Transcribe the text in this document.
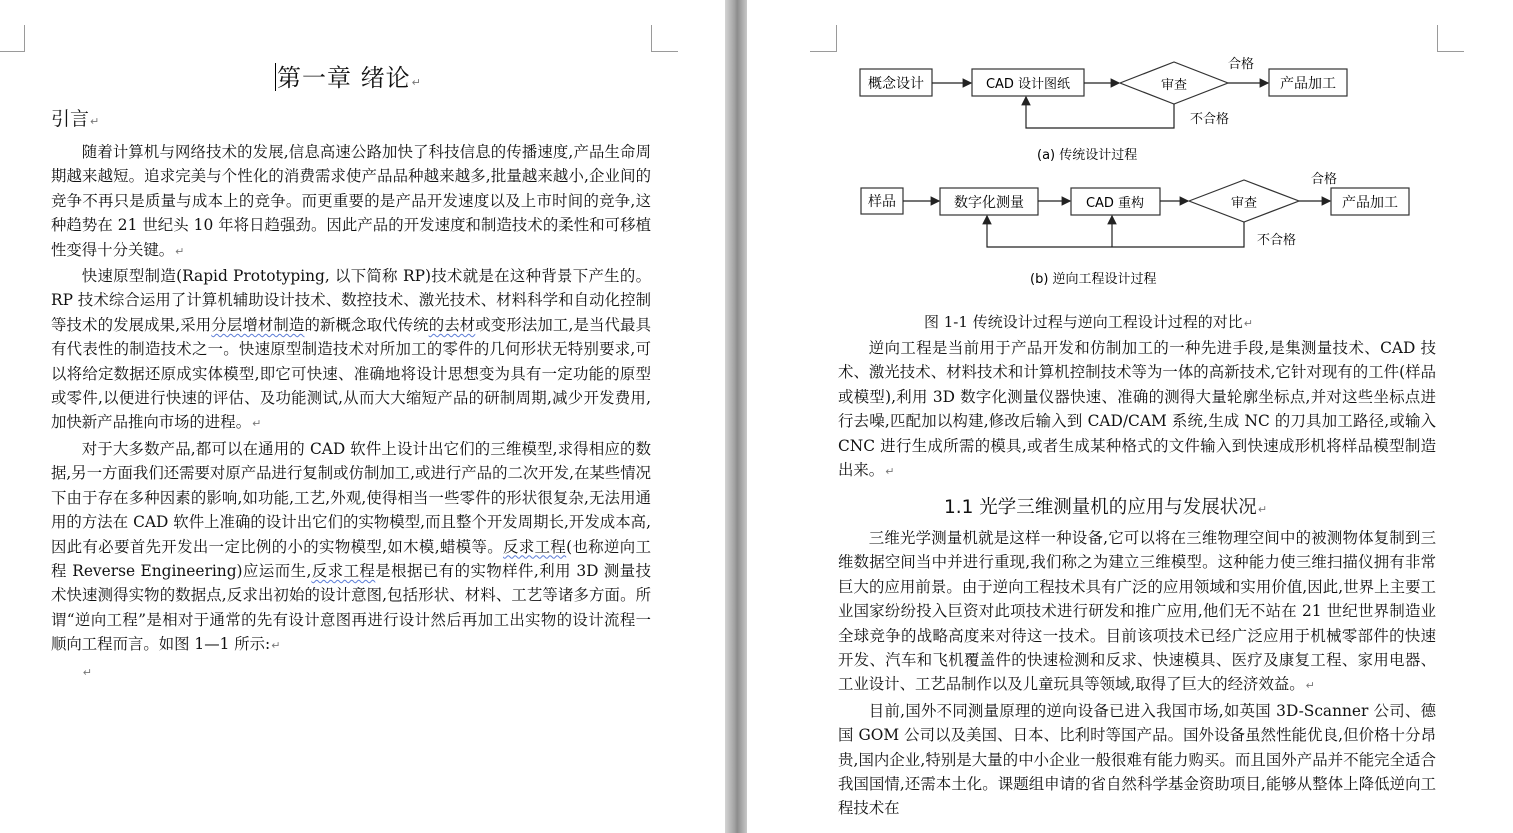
第一章 绪论↵
引言↵

随着计算机与网络技术的发展,信息高速公路加快了科技信息的传播速度,产品生命周期越来越短。追求完美与个性化的消费需求使产品品种越来越多,批量越来越小,企业间的竞争不再只是质量与成本上的竞争。而更重要的是产品开发速度以及上市时间的竞争,这种趋势在 21 世纪头 10 年将日趋强劲。因此产品的开发速度和制造技术的柔性和可移植性变得十分关键。↵

快速原型制造(Rapid Prototyping, 以下简称 RP)技术就是在这种背景下产生的。RP 技术综合运用了计算机辅助设计技术、数控技术、激光技术、材料科学和自动化控制等技术的发展成果,采用分层增材制造的新概念取代传统的去材或变形法加工,是当代最具有代表性的制造技术之一。快速原型制造技术对所加工的零件的几何形状无特别要求,可以将给定数据还原成实体模型,即它可快速、准确地将设计思想变为具有一定功能的原型或零件,以便进行快速的评估、及功能测试,从而大大缩短产品的研制周期,减少开发费用,加快新产品推向市场的进程。↵

对于大多数产品,都可以在通用的 CAD 软件上设计出它们的三维模型,求得相应的数据,另一方面我们还需要对原产品进行复制或仿制加工,或进行产品的二次开发,在某些情况下由于存在多种因素的影响,如功能,工艺,外观,使得相当一些零件的形状很复杂,无法用通用的方法在 CAD 软件上准确的设计出它们的实物模型,而且整个开发周期长,开发成本高,因此有必要首先开发出一定比例的小的实物模型,如木模,蜡模等。反求工程(也称逆向工程 Reverse Engineering)应运而生,反求工程是根据已有的实物样件,利用 3D 测量技术快速测得实物的数据点,反求出初始的设计意图,包括形状、材料、工艺等诸多方面。所谓“逆向工程”是相对于通常的先有设计意图再进行设计然后再加工出实物的设计流程一顺向工程而言。如图 1—1 所示:↵

↵

概念设计	CAD 设计图纸	审查	产品加工
合格
不合格
(a) 传统设计过程
样品	数字化测量	CAD 重构	审查	产品加工
合格
不合格
(b) 逆向工程设计过程
图 1-1 传统设计过程与逆向工程设计过程的对比↵

逆向工程是当前用于产品开发和仿制加工的一种先进手段,是集测量技术、CAD 技术、激光技术、材料技术和计算机控制技术等为一体的高新技术,它针对现有的工件(样品或模型),利用 3D 数字化测量仪器快速、准确的测得大量轮廓坐标点,并对这些坐标点进行去噪,匹配加以构建,修改后输入到 CAD/CAM 系统,生成 NC 的刀具加工路径,或输入 CNC 进行生成所需的模具,或者生成某种格式的文件输入到快速成形机将样品模型制造出来。↵

1.1 光学三维测量机的应用与发展状况↵

三维光学测量机就是这样一种设备,它可以将在三维物理空间中的被测物体复制到三维数据空间当中并进行重现,我们称之为建立三维模型。这种能力使三维扫描仪拥有非常巨大的应用前景。由于逆向工程技术具有广泛的应用领域和实用价值,因此,世界上主要工业国家纷纷投入巨资对此项技术进行研发和推广应用,他们无不站在 21 世纪世界制造业全球竞争的战略高度来对待这一技术。目前该项技术已经广泛应用于机械零部件的快速开发、汽车和飞机覆盖件的快速检测和反求、快速模具、医疗及康复工程、家用电器、工业设计、工艺品制作以及儿童玩具等领域,取得了巨大的经济效益。↵

目前,国外不同测量原理的逆向设备已进入我国市场,如英国 3D-Scanner 公司、德国 GOM 公司以及美国、日本、比利时等国产品。国外设备虽然性能优良,但价格十分昂贵,国内企业,特别是大量的中小企业一般很难有能力购买。而且国外产品并不能完全适合我国国情,还需本土化。课题组申请的省自然科学基金资助项目,能够从整体上降低逆向工程技术在
